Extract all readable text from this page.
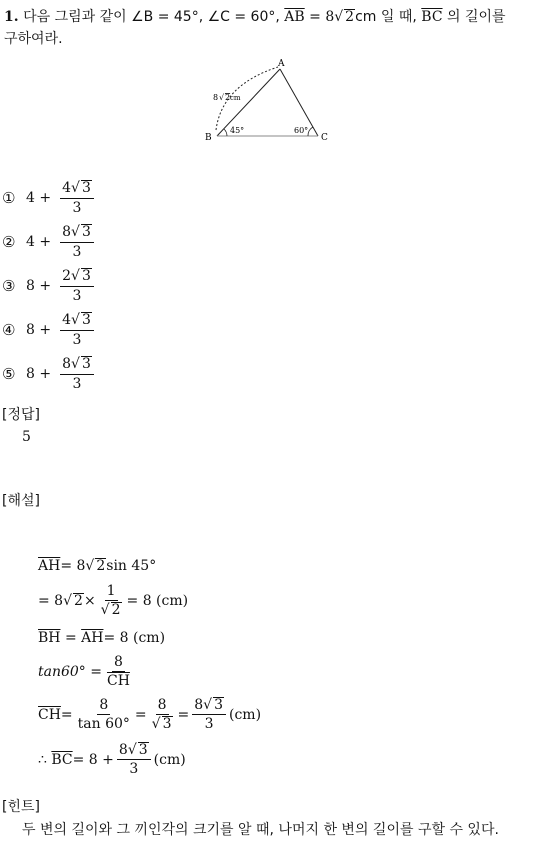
1. 다음 그림과 같이 ∠B = 45°, ∠C = 60°, $\overline{AB} = 8√$ 2cm 일 때, $\overline{BC}$ 의 길이를
구하여라.
A
B	C
8 √ 2 cm
45°	60°
① $4 + \frac{4√ 3}{3}$
② $4 + \frac{8√ 3}{3}$
③ $8 + \frac{2√ 3}{3}$
④ $8 + \frac{4√ 3}{3}$
⑤ $8 + \frac{8√ 3}{3}$
[정답]
5
[해설]
$\overline{AH} = 8$ √ 2 sin 45°
= 8 √ $2 \times \frac{1}{√ 2} = 8$ (cm)
$\overline{BH} = \overline{AH} = 8$ (cm)
$\tan 60^\circ = \frac{8}{CH}$
$\overline{CH} = \frac{8}{\tan 60^\circ} = \frac{8}{√ 3} = \frac{8√ 3}{3} (cm)$
∴ $\overline{BC} = 8 + \frac{8√ 3}{3} (cm)$
[힌트]
두 변의 길이와 그 끼인각의 크기를 알 때, 나머지 한 변의 길이를 구할 수 있다.
